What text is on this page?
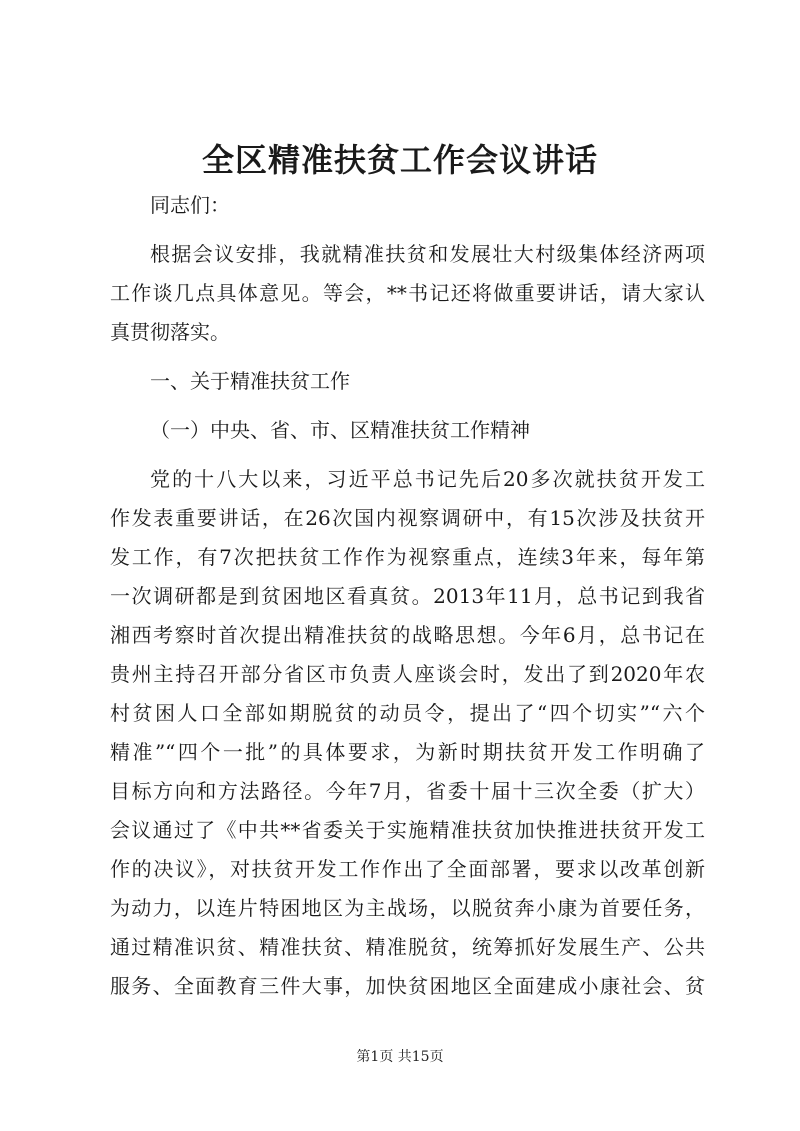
全区精准扶贫工作会议讲话
同志们：
根据会议安排，我就精准扶贫和发展壮大村级集体经济两项
工作谈几点具体意见。等会，**书记还将做重要讲话，请大家认
真贯彻落实。
一、关于精准扶贫工作
（一）中央、省、市、区精准扶贫工作精神
党的十八大以来，习近平总书记先后20多次就扶贫开发工
作发表重要讲话，在26次国内视察调研中，有15次涉及扶贫开
发工作，有7次把扶贫工作作为视察重点，连续3年来，每年第
一次调研都是到贫困地区看真贫。2013年11月，总书记到我省
湘西考察时首次提出精准扶贫的战略思想。今年6月，总书记在
贵州主持召开部分省区市负责人座谈会时，发出了到2020年农
村贫困人口全部如期脱贫的动员令，提出了“四个切实”“六个
精准”“四个一批”的具体要求，为新时期扶贫开发工作明确了
目标方向和方法路径。今年7月，省委十届十三次全委（扩大）
会议通过了《中共**省委关于实施精准扶贫加快推进扶贫开发工
作的决议》，对扶贫开发工作作出了全面部署，要求以改革创新
为动力，以连片特困地区为主战场，以脱贫奔小康为首要任务，
通过精准识贫、精准扶贫、精准脱贫，统筹抓好发展生产、公共
服务、全面教育三件大事，加快贫困地区全面建成小康社会、贫
第1页 共15页
